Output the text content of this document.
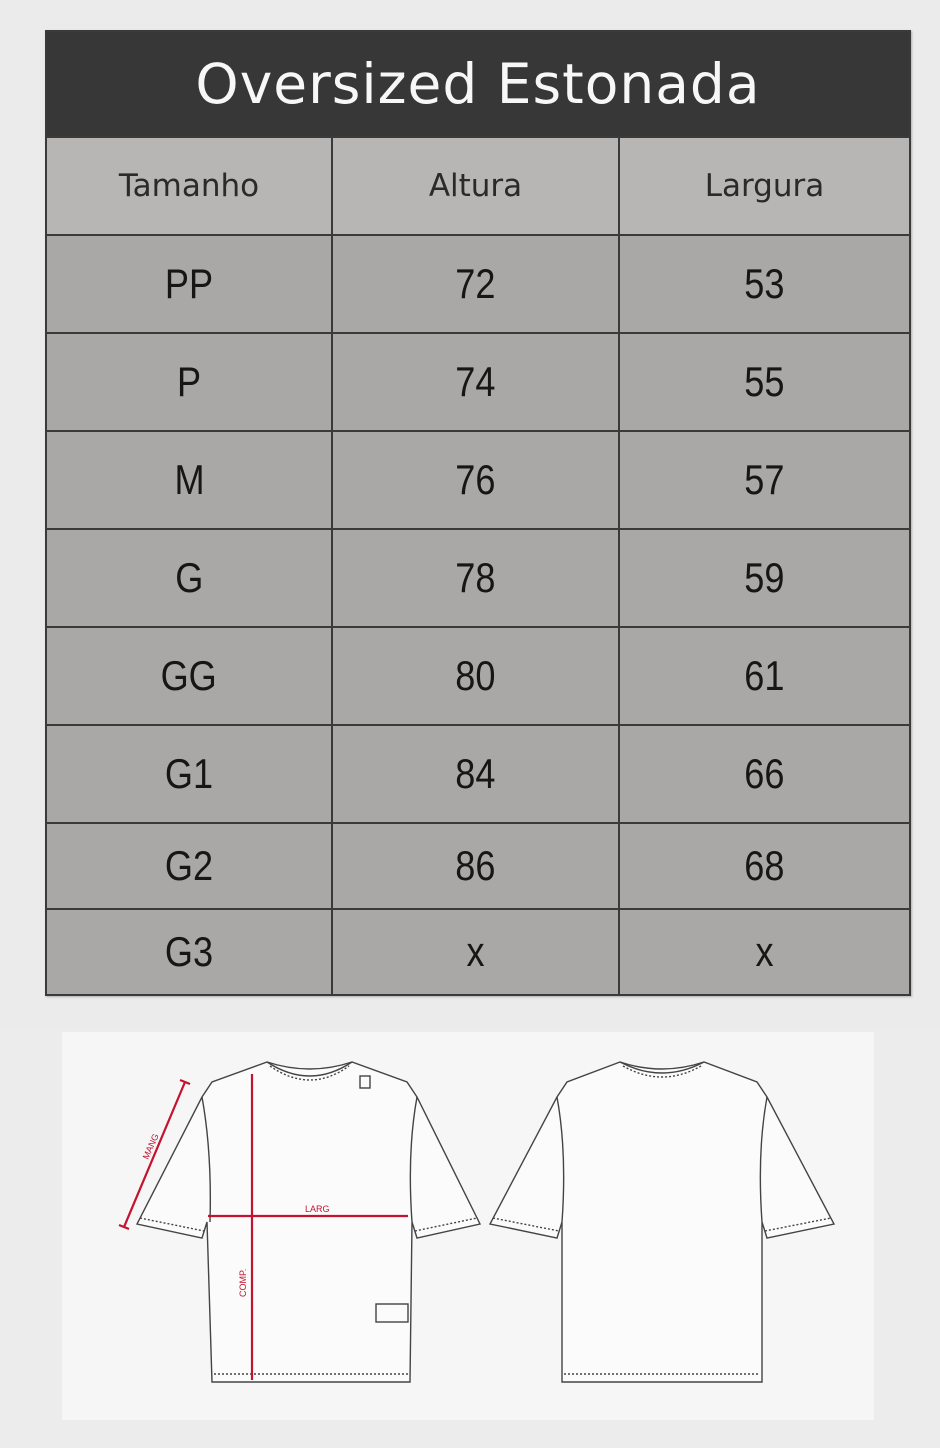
Oversized Estonada		
Tamanho	Altura	Largura
PP	72	53
P	74	55
M	76	57
G	78	59
GG	80	61
G1	84	66
G2	86	68
G3	x	x
MANG
LARG
COMP.
